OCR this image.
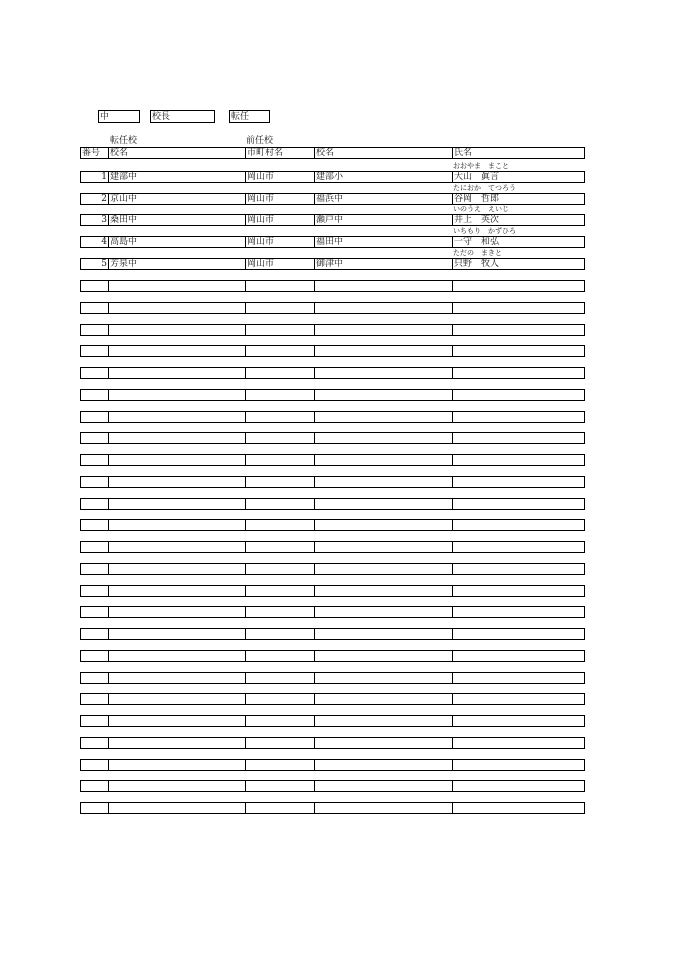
中	校長	転任
転任校	前任校
番号	校名	市町村名	校名	氏名
おおやま　まこと
1 建部中	岡山市	建部小	大山　眞言
たにおか　てつろう
2 京山中	岡山市	福浜中	谷岡　哲郎
いのうえ　えいじ
3 桑田中	岡山市	瀬戸中	井上　英次
いちもり　かずひろ
4 高島中	岡山市	福田中	一守　和弘
ただの　まきと
5 芳泉中	岡山市	御津中	只野　牧人
